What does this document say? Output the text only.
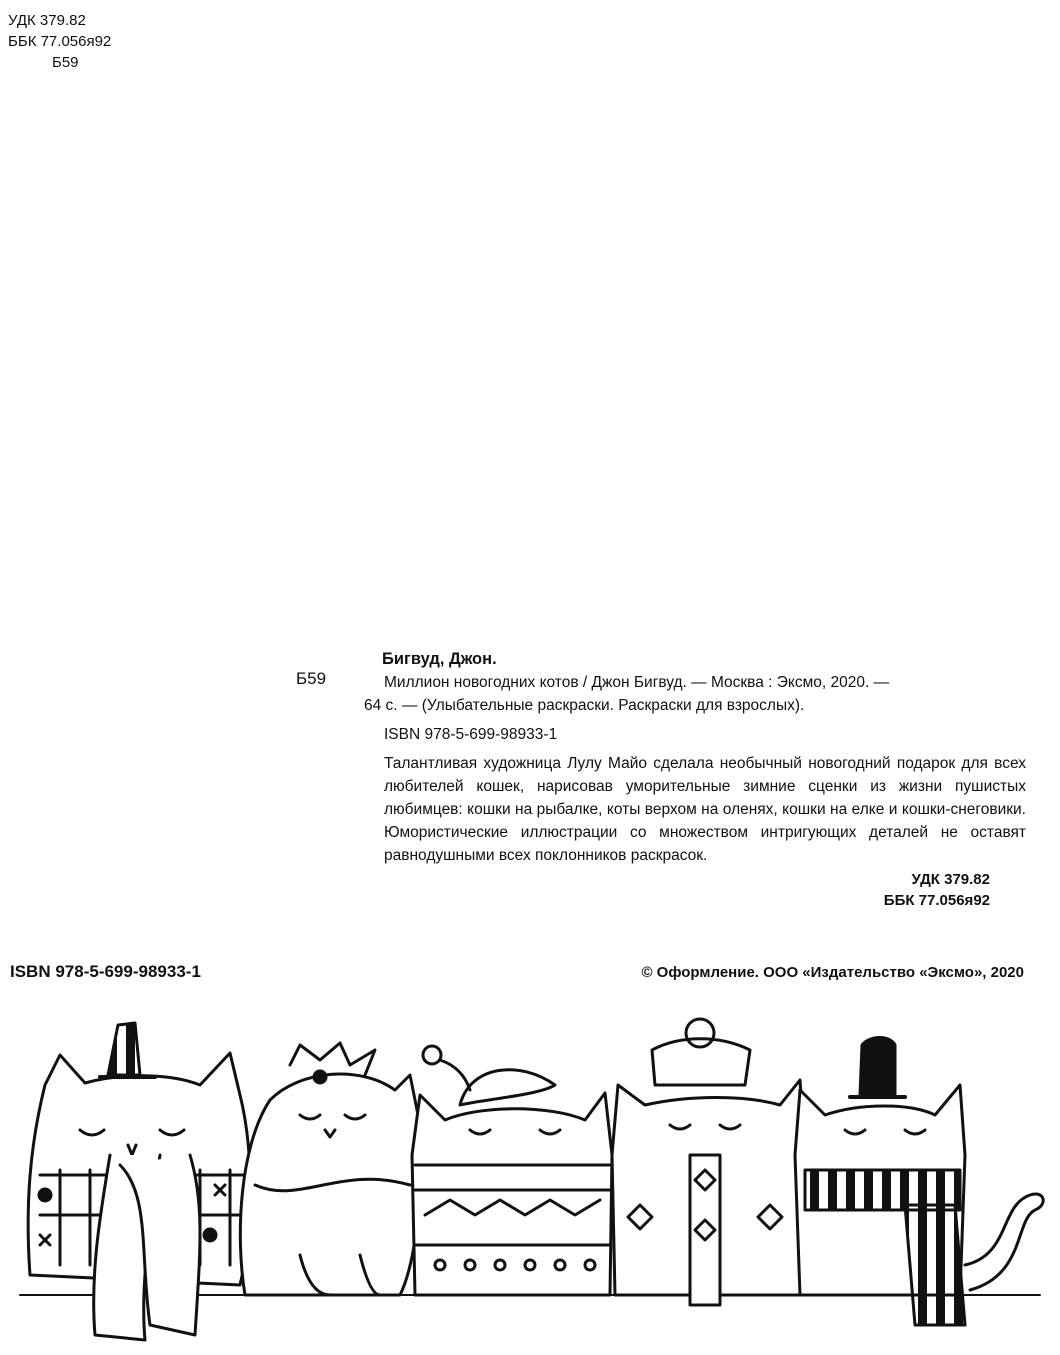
УДК 379.82
ББК 77.056я92
Б59
Б59
Бигвуд, Джон.
Миллион новогодних котов / Джон Бигвуд. — Москва : Эксмо, 2020. —
64 с. — (Улыбательные раскраски. Раскраски для взрослых).
ISBN 978-5-699-98933-1
Талантливая художница Лулу Майо сделала необычный новогодний подарок для всех любителей кошек, нарисовав уморительные зимние сценки из жизни пушистых любимцев: кошки на рыбалке, коты верхом на оленях, кошки на елке и кошки-снеговики. Юмористические иллюстрации со множеством интригующих деталей не оставят равнодушными всех поклонников раскрасок.
УДК 379.82
ББК 77.056я92
ISBN 978-5-699-98933-1	© Оформление. ООО «Издательство «Эксмо», 2020
